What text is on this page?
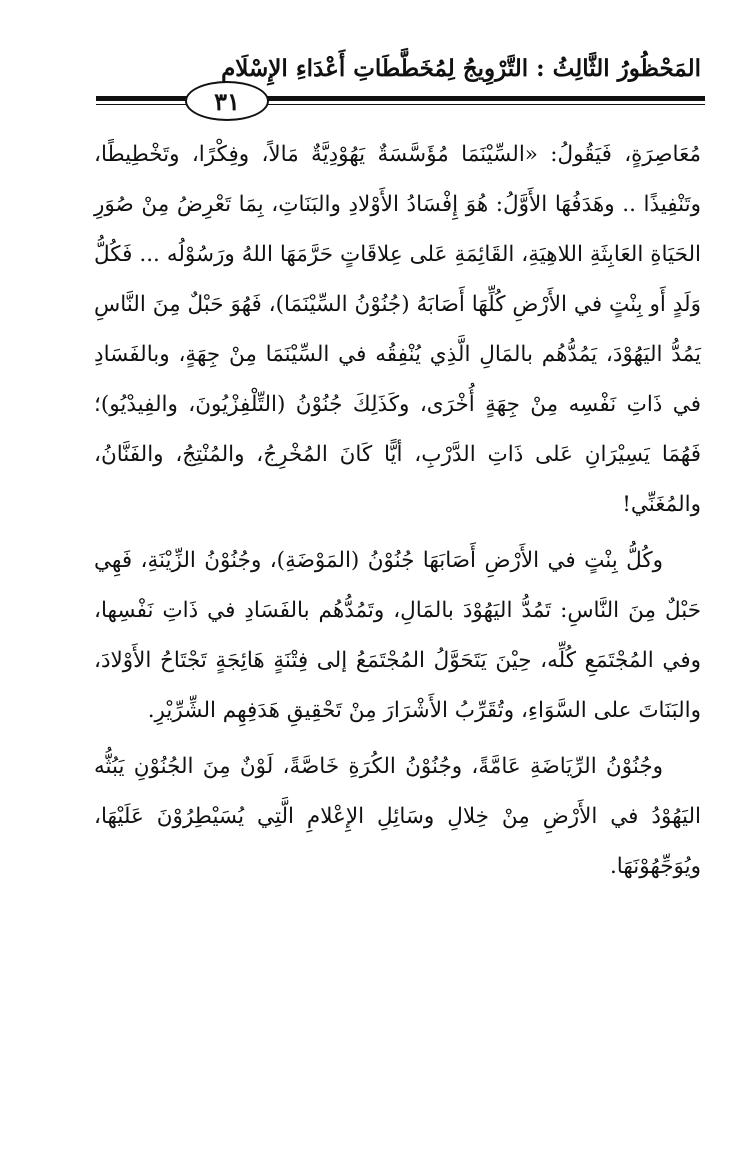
المَحْظُورُ الثَّالِثُ : التَّرْوِيجُ لِمُخَطَّطَاتِ أَعْدَاءِ الإِسْلَامِ
٣١

مُعَاصِرَةٍ، فَيَقُولُ: «السِّيْنَمَا مُؤَسَّسَةٌ يَهُوْدِيَّةٌ مَالاً، وفِكْرًا، وتَخْطِيطًا، وتَنْفِيذًا .. وهَدَفُهَا الأَوَّلُ: هُوَ إِفْسَادُ الأَوْلادِ والبَنَاتِ، بِمَا تَعْرِضُ مِنْ صُوَرِ الحَيَاةِ العَابِثَةِ اللاهِيَةِ، القَائِمَةِ عَلى عِلاقَاتٍ حَرَّمَهَا اللهُ ورَسُوْلُه ... فَكُلُّ وَلَدٍ أَو بِنْتٍ في الأَرْضِ كُلِّهَا أَصَابَهُ (جُنُوْنُ السِّيْنَمَا)، فَهُوَ حَبْلٌ مِنَ النَّاسِ يَمُدُّ اليَهُوْدَ، يَمُدُّهُم بالمَالِ الَّذِي يُنْفِقُه في السِّيْنَمَا مِنْ جِهَةٍ، وبالفَسَادِ في ذَاتِ نَفْسِه مِنْ جِهَةٍ أُخْرَى، وكَذَلِكَ جُنُوْنُ (التِّلْفِزْيُونَ، والفِيدْيُو)؛ فَهُمَا يَسِيْرَانِ عَلى ذَاتِ الدَّرْبِ، أيًّا كَانَ المُخْرِجُ، والمُنْتِجُ، والفَنَّانُ، والمُغَنِّي!

وكُلُّ بِنْتٍ في الأَرْضِ أَصَابَهَا جُنُوْنُ (المَوْضَةِ)، وجُنُوْنُ الزِّيْنَةِ، فَهِي حَبْلٌ مِنَ النَّاسِ: تَمُدُّ اليَهُوْدَ بالمَالِ، وتَمُدُّهُم بالفَسَادِ في ذَاتِ نَفْسِها، وفي المُجْتَمَعِ كُلِّه، حِيْنَ يَتَحَوَّلُ المُجْتَمَعُ إلى فِتْنَةٍ هَائِجَةٍ تَجْتَاحُ الأَوْلادَ، والبَنَاتَ على السَّوَاءِ، وتُقَرِّبُ الأَشْرَارَ مِنْ تَحْقِيقِ هَدَفِهِم الشِّرِّيْرِ.

وجُنُوْنُ الرِّيَاضَةِ عَامَّةً، وجُنُوْنُ الكُرَةِ خَاصَّةً، لَوْنٌ مِنَ الجُنُوْنِ يَبُثُّه اليَهُوْدُ في الأَرْضِ مِنْ خِلالِ وسَائِلِ الإِعْلامِ الَّتِي يُسَيْطِرُوْنَ عَلَيْهَا، ويُوَجِّهُوْنَهَا.
